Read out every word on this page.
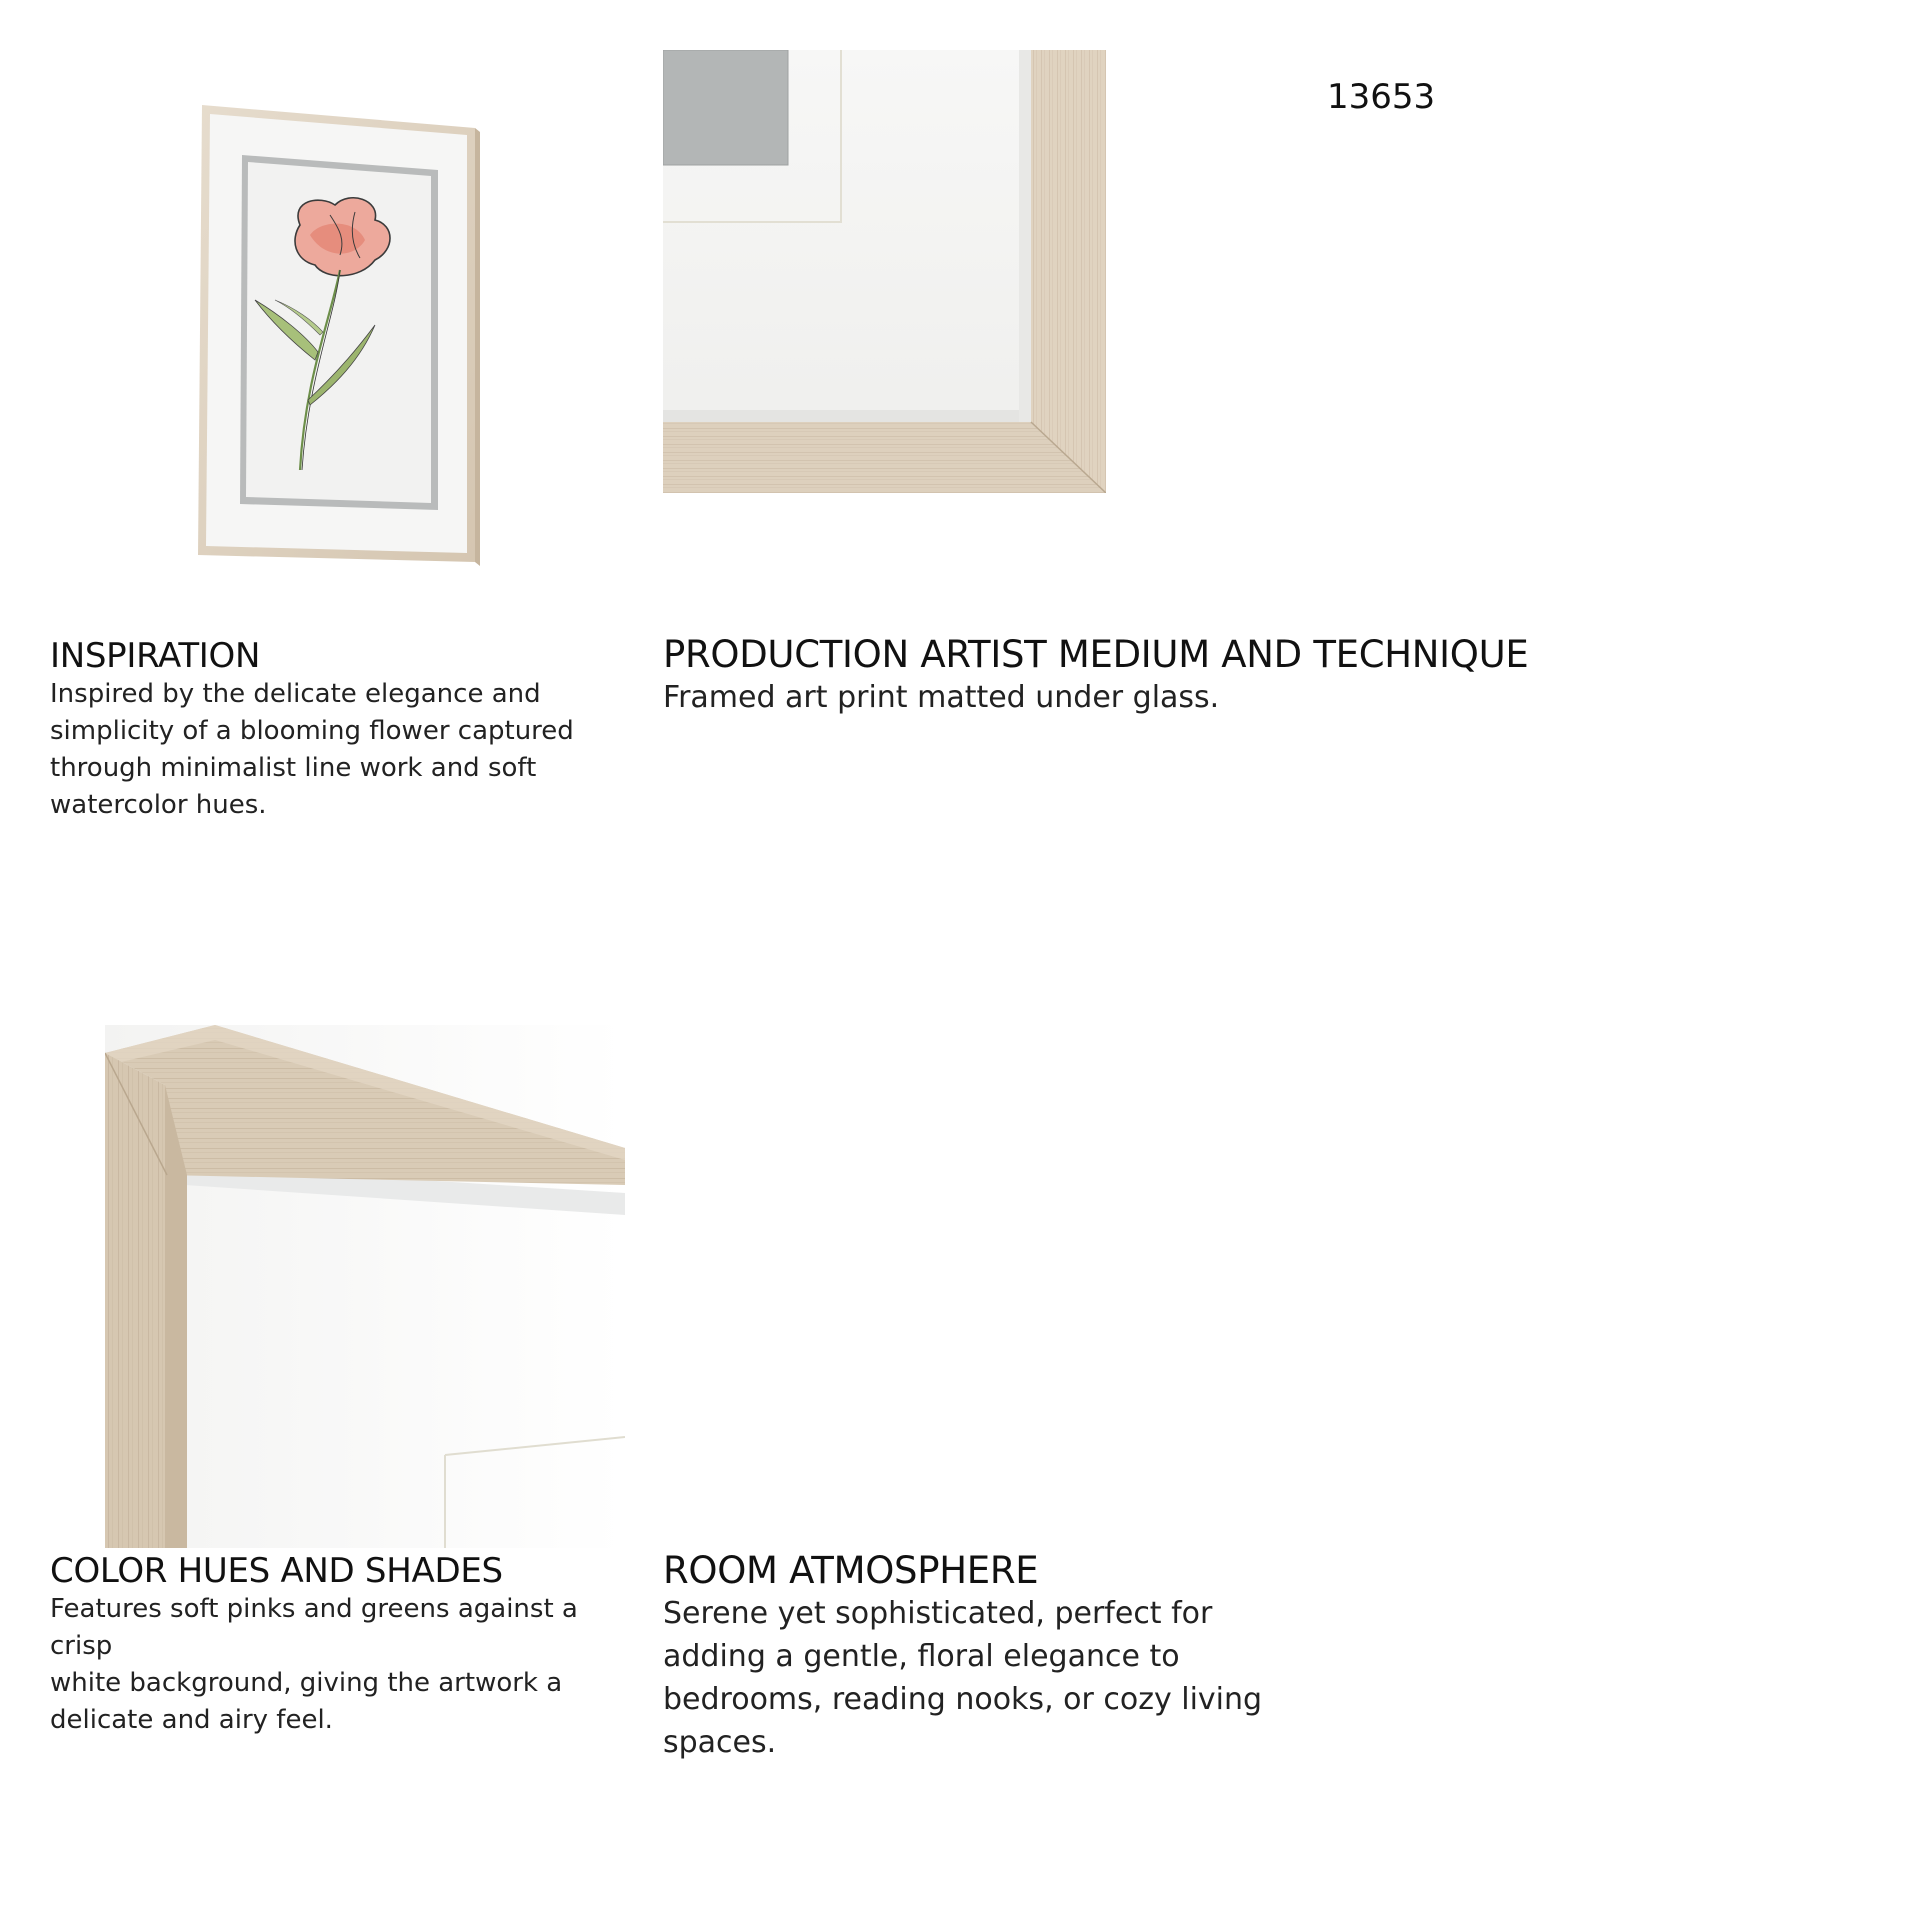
13653
INSPIRATION

Inspired by the delicate elegance and

simplicity of a blooming flower captured

through minimalist line work and soft

watercolor hues.

PRODUCTION ARTIST MEDIUM AND TECHNIQUE

Framed art print matted under glass.

COLOR HUES AND SHADES

Features soft pinks and greens against a crisp

white background, giving the artwork a

delicate and airy feel.

ROOM ATMOSPHERE

Serene yet sophisticated, perfect for

adding a gentle, floral elegance to

bedrooms, reading nooks, or cozy living

spaces.
